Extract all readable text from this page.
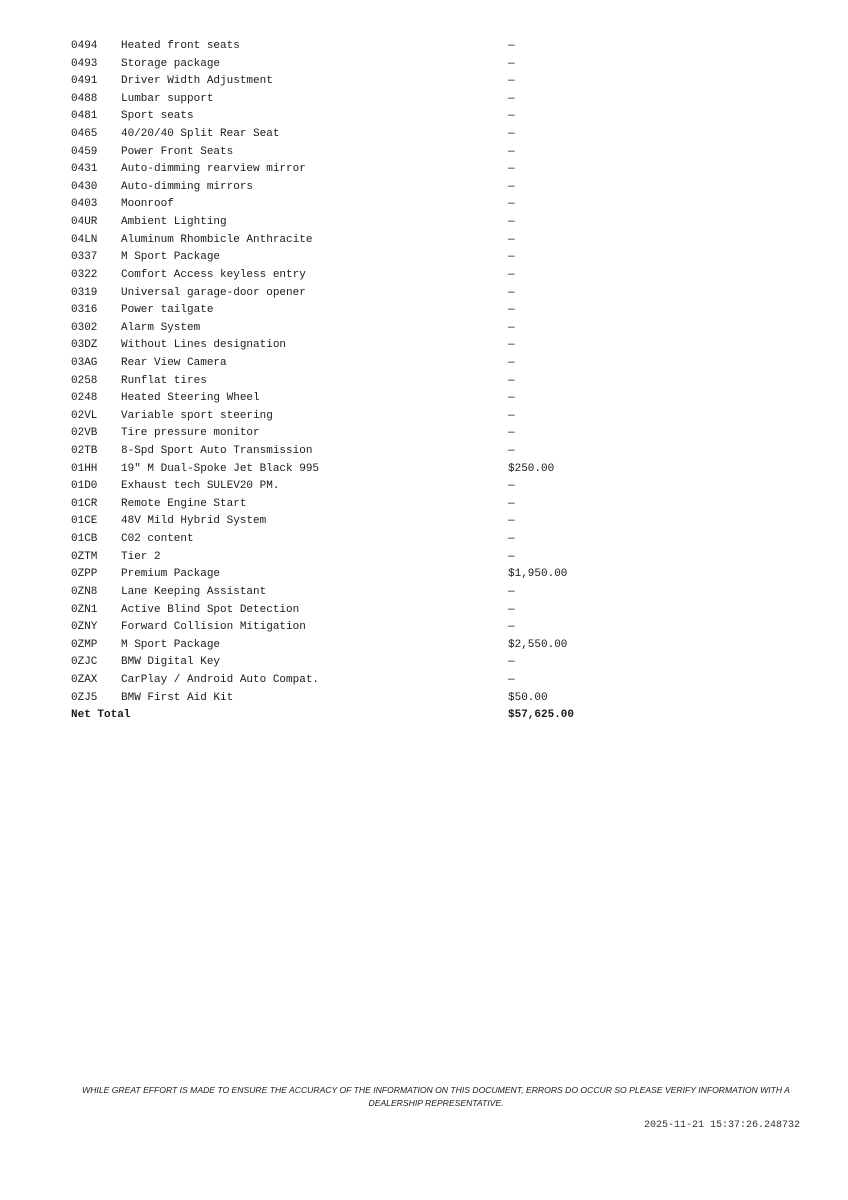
0494 Heated front seats	—
0493 Storage package	—
0491 Driver Width Adjustment	—
0488 Lumbar support	—
0481 Sport seats	—
0465 40/20/40 Split Rear Seat	—
0459 Power Front Seats	—
0431 Auto-dimming rearview mirror	—
0430 Auto-dimming mirrors	—
0403 Moonroof	—
04UR Ambient Lighting	—
04LN Aluminum Rhombicle Anthracite	—
0337 M Sport Package	—
0322 Comfort Access keyless entry	—
0319 Universal garage-door opener	—
0316 Power tailgate	—
0302 Alarm System	—
03DZ Without Lines designation	—
03AG Rear View Camera	—
0258 Runflat tires	—
0248 Heated Steering Wheel	—
02VL Variable sport steering	—
02VB Tire pressure monitor	—
02TB 8-Spd Sport Auto Transmission	—
01HH 19" M Dual-Spoke Jet Black 995	$250.00
01D0 Exhaust tech SULEV20 PM.	—
01CR Remote Engine Start	—
01CE 48V Mild Hybrid System	—
01CB C02 content	—
0ZTM Tier 2	—
0ZPP Premium Package	$1,950.00
0ZN8 Lane Keeping Assistant	—
0ZN1 Active Blind Spot Detection	—
0ZNY Forward Collision Mitigation	—
0ZMP M Sport Package	$2,550.00
0ZJC BMW Digital Key	—
0ZAX CarPlay / Android Auto Compat.	—
0ZJ5 BMW First Aid Kit	$50.00
Net Total	$57,625.00
WHILE GREAT EFFORT IS MADE TO ENSURE THE ACCURACY OF THE INFORMATION ON THIS DOCUMENT, ERRORS DO OCCUR SO PLEASE VERIFY INFORMATION WITH A DEALERSHIP REPRESENTATIVE.
2025-11-21 15:37:26.248732
